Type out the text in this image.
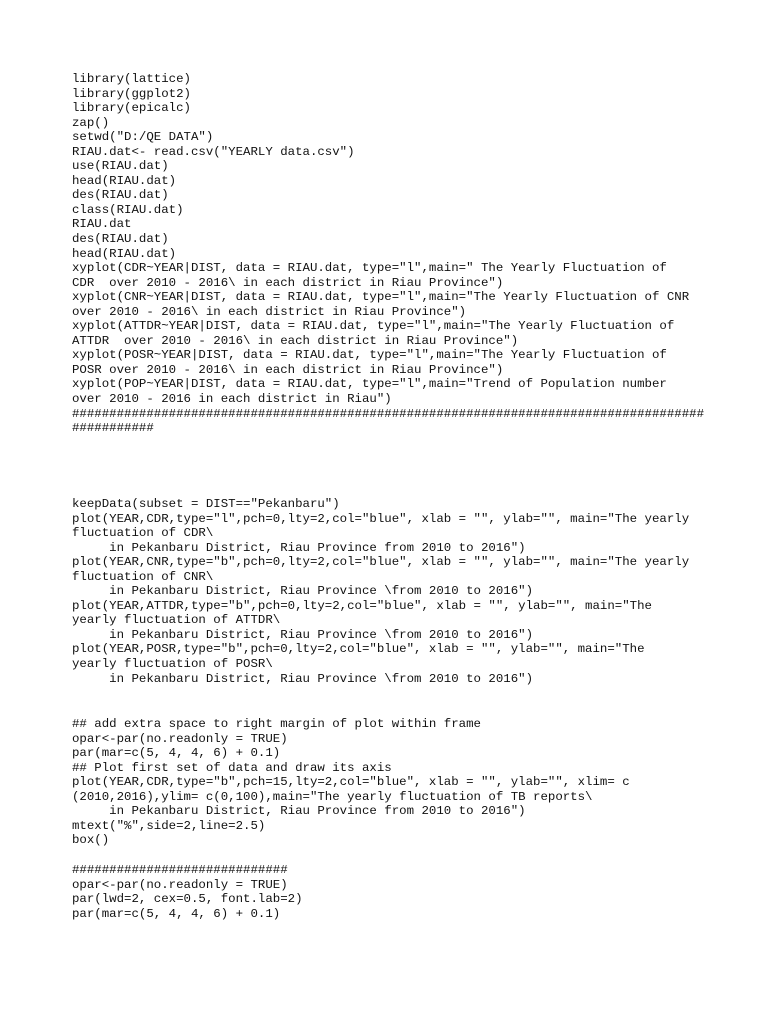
library(lattice)
library(ggplot2)
library(epicalc)
zap()
setwd("D:/QE DATA")
RIAU.dat<- read.csv("YEARLY data.csv")
use(RIAU.dat)
head(RIAU.dat)
des(RIAU.dat)
class(RIAU.dat)
RIAU.dat
des(RIAU.dat)
head(RIAU.dat)
xyplot(CDR~YEAR|DIST, data = RIAU.dat, type="l",main=" The Yearly Fluctuation of
CDR  over 2010 - 2016\ in each district in Riau Province")
xyplot(CNR~YEAR|DIST, data = RIAU.dat, type="l",main="The Yearly Fluctuation of CNR
over 2010 - 2016\ in each district in Riau Province")
xyplot(ATTDR~YEAR|DIST, data = RIAU.dat, type="l",main="The Yearly Fluctuation of
ATTDR  over 2010 - 2016\ in each district in Riau Province")
xyplot(POSR~YEAR|DIST, data = RIAU.dat, type="l",main="The Yearly Fluctuation of
POSR over 2010 - 2016\ in each district in Riau Province")
xyplot(POP~YEAR|DIST, data = RIAU.dat, type="l",main="Trend of Population number
over 2010 - 2016 in each district in Riau")
#####################################################################################
###########
keepData(subset = DIST=="Pekanbaru")
plot(YEAR,CDR,type="l",pch=0,lty=2,col="blue", xlab = "", ylab="", main="The yearly
fluctuation of CDR\
in Pekanbaru District, Riau Province from 2010 to 2016")
plot(YEAR,CNR,type="b",pch=0,lty=2,col="blue", xlab = "", ylab="", main="The yearly
fluctuation of CNR\
in Pekanbaru District, Riau Province \from 2010 to 2016")
plot(YEAR,ATTDR,type="b",pch=0,lty=2,col="blue", xlab = "", ylab="", main="The
yearly fluctuation of ATTDR\
in Pekanbaru District, Riau Province \from 2010 to 2016")
plot(YEAR,POSR,type="b",pch=0,lty=2,col="blue", xlab = "", ylab="", main="The
yearly fluctuation of POSR\
in Pekanbaru District, Riau Province \from 2010 to 2016")
## add extra space to right margin of plot within frame
opar<-par(no.readonly = TRUE)
par(mar=c(5, 4, 4, 6) + 0.1)
## Plot first set of data and draw its axis
plot(YEAR,CDR,type="b",pch=15,lty=2,col="blue", xlab = "", ylab="", xlim= c
(2010,2016),ylim= c(0,100),main="The yearly fluctuation of TB reports\
in Pekanbaru District, Riau Province from 2010 to 2016")
mtext("%",side=2,line=2.5)
box()
#############################
opar<-par(no.readonly = TRUE)
par(lwd=2, cex=0.5, font.lab=2)
par(mar=c(5, 4, 4, 6) + 0.1)
